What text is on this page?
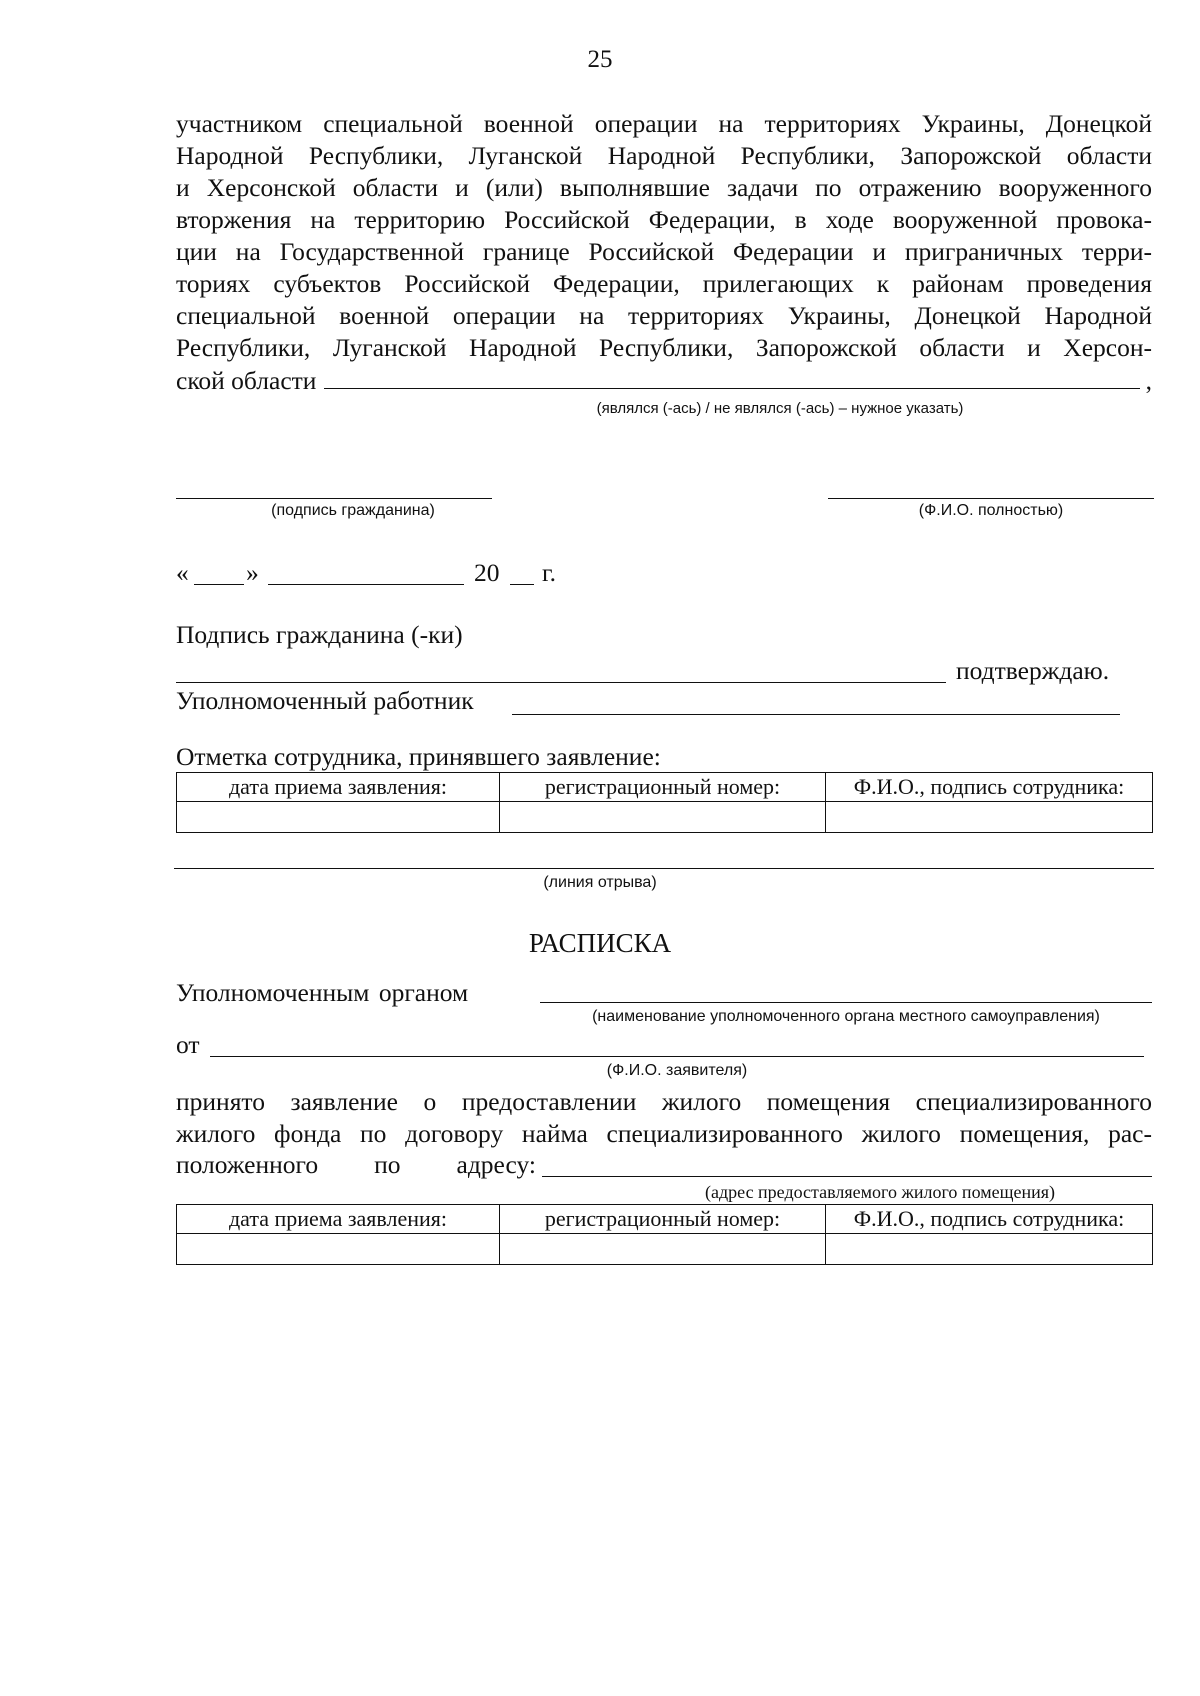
25
участником специальной военной операции на территориях Украины, Донецкой
Народной Республики, Луганской Народной Республики, Запорожской области
и Херсонской области и (или) выполнявшие задачи по отражению вооруженного
вторжения на территорию Российской Федерации, в ходе вооруженной провока-
ции на Государственной границе Российской Федерации и приграничных терри-
ториях субъектов Российской Федерации, прилегающих к районам проведения
специальной военной операции на территориях Украины, Донецкой Народной
Республики, Луганской Народной Республики, Запорожской области и Херсон-
ской области	,
(являлся (-ась) / не являлся (-ась) – нужное указать)
(подпись гражданина)	(Ф.И.О. полностью)
« »	20 г.
Подпись гражданина (-ки)
подтверждаю.
Уполномоченный работник
Отметка сотрудника, принявшего заявление:
дата приема заявления:	регистрационный номер:	Ф.И.О., подпись сотрудника:

(линия отрыва)
РАСПИСКА
Уполномоченным органом
(наименование уполномоченного органа местного самоуправления)
от
(Ф.И.О. заявителя)
принято заявление о предоставлении жилого помещения специализированного
жилого фонда по договору найма специализированного жилого помещения, рас-
положенного по адресу:
(адрес предоставляемого жилого помещения)
дата приема заявления:	регистрационный номер:	Ф.И.О., подпись сотрудника:
